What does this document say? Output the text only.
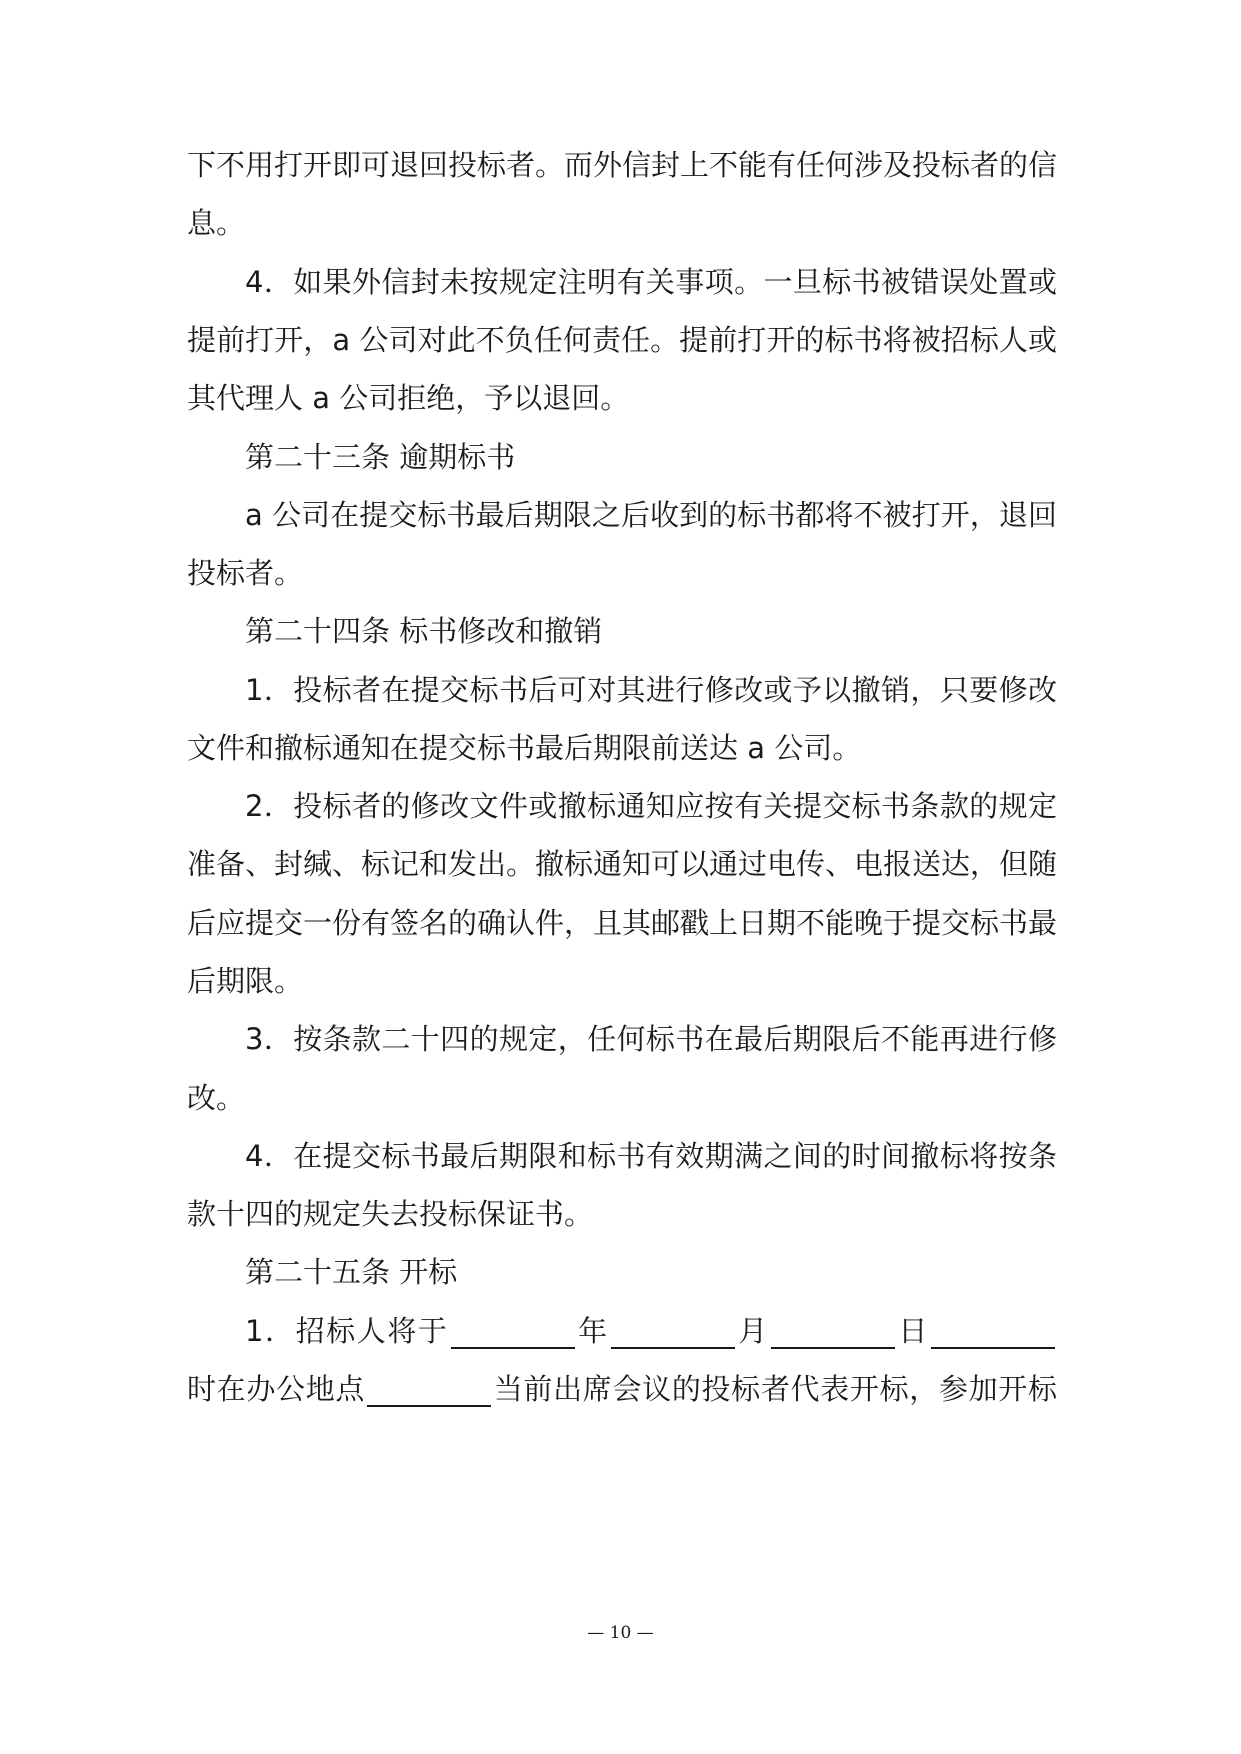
下不用打开即可退回投标者。而外信封上不能有任何涉及投标者的信
息。
4．如果外信封未按规定注明有关事项。一旦标书被错误处置或
提前打开，a 公司对此不负任何责任。提前打开的标书将被招标人或
其代理人 a 公司拒绝，予以退回。
第二十三条 逾期标书
a 公司在提交标书最后期限之后收到的标书都将不被打开，退回
投标者。
第二十四条 标书修改和撤销
1．投标者在提交标书后可对其进行修改或予以撤销，只要修改
文件和撤标通知在提交标书最后期限前送达 a 公司。
2．投标者的修改文件或撤标通知应按有关提交标书条款的规定
准备、封缄、标记和发出。撤标通知可以通过电传、电报送达，但随
后应提交一份有签名的确认件，且其邮戳上日期不能晚于提交标书最
后期限。
3．按条款二十四的规定，任何标书在最后期限后不能再进行修
改。
4．在提交标书最后期限和标书有效期满之间的时间撤标将按条
款十四的规定失去投标保证书。
第二十五条 开标
1．招标人将于	年	月	日
时在办公地点	当前出席会议的投标者代表开标，参加开标
— 10 —
